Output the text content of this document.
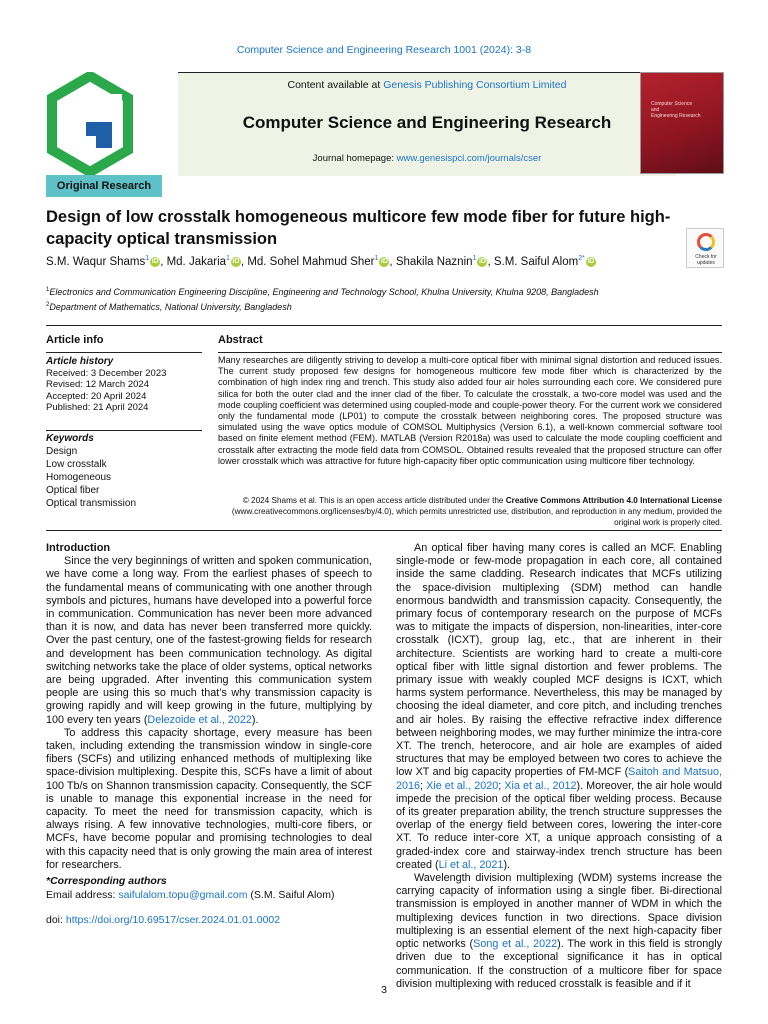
Computer Science and Engineering Research 1001 (2024): 3-8
Content available at Genesis Publishing Consortium Limited
Computer Science and Engineering Research
Journal homepage: www.genesispcl.com/journals/cser
Computer Science
and
Engineering Research
Original Research
Design of low crosstalk homogeneous multicore few mode fiber for future high-capacity optical transmission
Check for updates
S.M. Waqur Shams$^1$ iD , Md. Jakaria$^1$ iD , Md. Sohel Mahmud Sher$^1$ iD , Shakila Naznin$^1$ iD , S.M. Saiful Alom$^{2*}$ iD
$^1$Electronics and Communication Engineering Discipline, Engineering and Technology School, Khulna University, Khulna 9208, Bangladesh
$^2$Department of Mathematics, National University, Bangladesh
Article info	Abstract
Article history
Received: 3 December 2023
Revised: 12 March 2024
Accepted: 20 April 2024
Published: 21 April 2024
Keywords
Design
Low crosstalk
Homogeneous
Optical fiber
Optical transmission
Many researches are diligently striving to develop a multi-core optical fiber with minimal signal distortion and reduced issues. The current study proposed few designs for homogeneous multicore few mode fiber which is characterized by the combination of high index ring and trench. This study also added four air holes surrounding each core. We considered pure silica for both the outer clad and the inner clad of the fiber. To calculate the crosstalk, a two-core model was used and the mode coupling coefficient was determined using coupled-mode and couple-power theory. For the current work we considered only the fundamental mode (LP01) to compute the crosstalk between neighboring cores. The proposed structure was simulated using the wave optics module of COMSOL Multiphysics (Version 6.1), a well-known commercial software tool based on finite element method (FEM). MATLAB (Version R2018a) was used to calculate the mode coupling coefficient and crosstalk after extracting the mode field data from COMSOL. Obtained results revealed that the proposed structure can offer lower crosstalk which was attractive for future high-capacity fiber optic communication using multicore fiber technology.
© 2024 Shams et al. This is an open access article distributed under the Creative Commons Attribution 4.0 International License (www.creativecommons.org/licenses/by/4.0), which permits unrestricted use, distribution, and reproduction in any medium, provided the original work is properly cited.
Introduction

Since the very beginnings of written and spoken communication, we have come a long way. From the earliest phases of speech to the fundamental means of communicating with one another through symbols and pictures, humans have developed into a powerful force in communication. Communication has never been more advanced than it is now, and data has never been transferred more quickly. Over the past century, one of the fastest-growing fields for research and development has been communication technology. As digital switching networks take the place of older systems, optical networks are being upgraded. After inventing this communication system people are using this so much that’s why transmission capacity is growing rapidly and will keep growing in the future, multiplying by 100 every ten years (Delezoide et al., 2022).

To address this capacity shortage, every measure has been taken, including extending the transmission window in single-core fibers (SCFs) and utilizing enhanced methods of multiplexing like space-division multiplexing. Despite this, SCFs have a limit of about 100 Tb/s on Shannon transmission capacity. Consequently, the SCF is unable to manage this exponential increase in the need for capacity. To meet the need for transmission capacity, which is always rising. A few innovative technologies, multi-core fibers, or MCFs, have become popular and promising technologies to deal with this capacity need that is only growing the main area of interest for researchers.

*Corresponding authors
Email address: saifulalom.topu@gmail.com (S.M. Saiful Alom)
doi: https://doi.org/10.69517/cser.2024.01.01.0002

An optical fiber having many cores is called an MCF. Enabling single-mode or few-mode propagation in each core, all contained inside the same cladding. Research indicates that MCFs utilizing the space-division multiplexing (SDM) method can handle enormous bandwidth and transmission capacity. Consequently, the primary focus of contemporary research on the purpose of MCFs was to mitigate the impacts of dispersion, non-linearities, inter-core crosstalk (ICXT), group lag, etc., that are inherent in their architecture. Scientists are working hard to create a multi-core optical fiber with little signal distortion and fewer problems. The primary issue with weakly coupled MCF designs is ICXT, which harms system performance. Nevertheless, this may be managed by choosing the ideal diameter, and core pitch, and including trenches and air holes. By raising the effective refractive index difference between neighboring modes, we may further minimize the intra-core XT. The trench, heterocore, and air hole are examples of aided structures that may be employed between two cores to achieve the low XT and big capacity properties of FM-MCF (Saitoh and Matsuo, 2016; Xie et al., 2020; Xia et al., 2012). Moreover, the air hole would impede the precision of the optical fiber welding process. Because of its greater preparation ability, the trench structure suppresses the overlap of the energy field between cores, lowering the inter-core XT. To reduce inter-core XT, a unique approach consisting of a graded-index core and stairway-index trench structure has been created (Li et al., 2021).

Wavelength division multiplexing (WDM) systems increase the carrying capacity of information using a single fiber. Bi-directional transmission is employed in another manner of WDM in which the multiplexing devices function in two directions. Space division multiplexing is an essential element of the next high-capacity fiber optic networks (Song et al., 2022). The work in this field is strongly driven due to the exceptional significance it has in optical communication. If the construction of a multicore fiber for space division multiplexing with reduced crosstalk is feasible and if it

3
